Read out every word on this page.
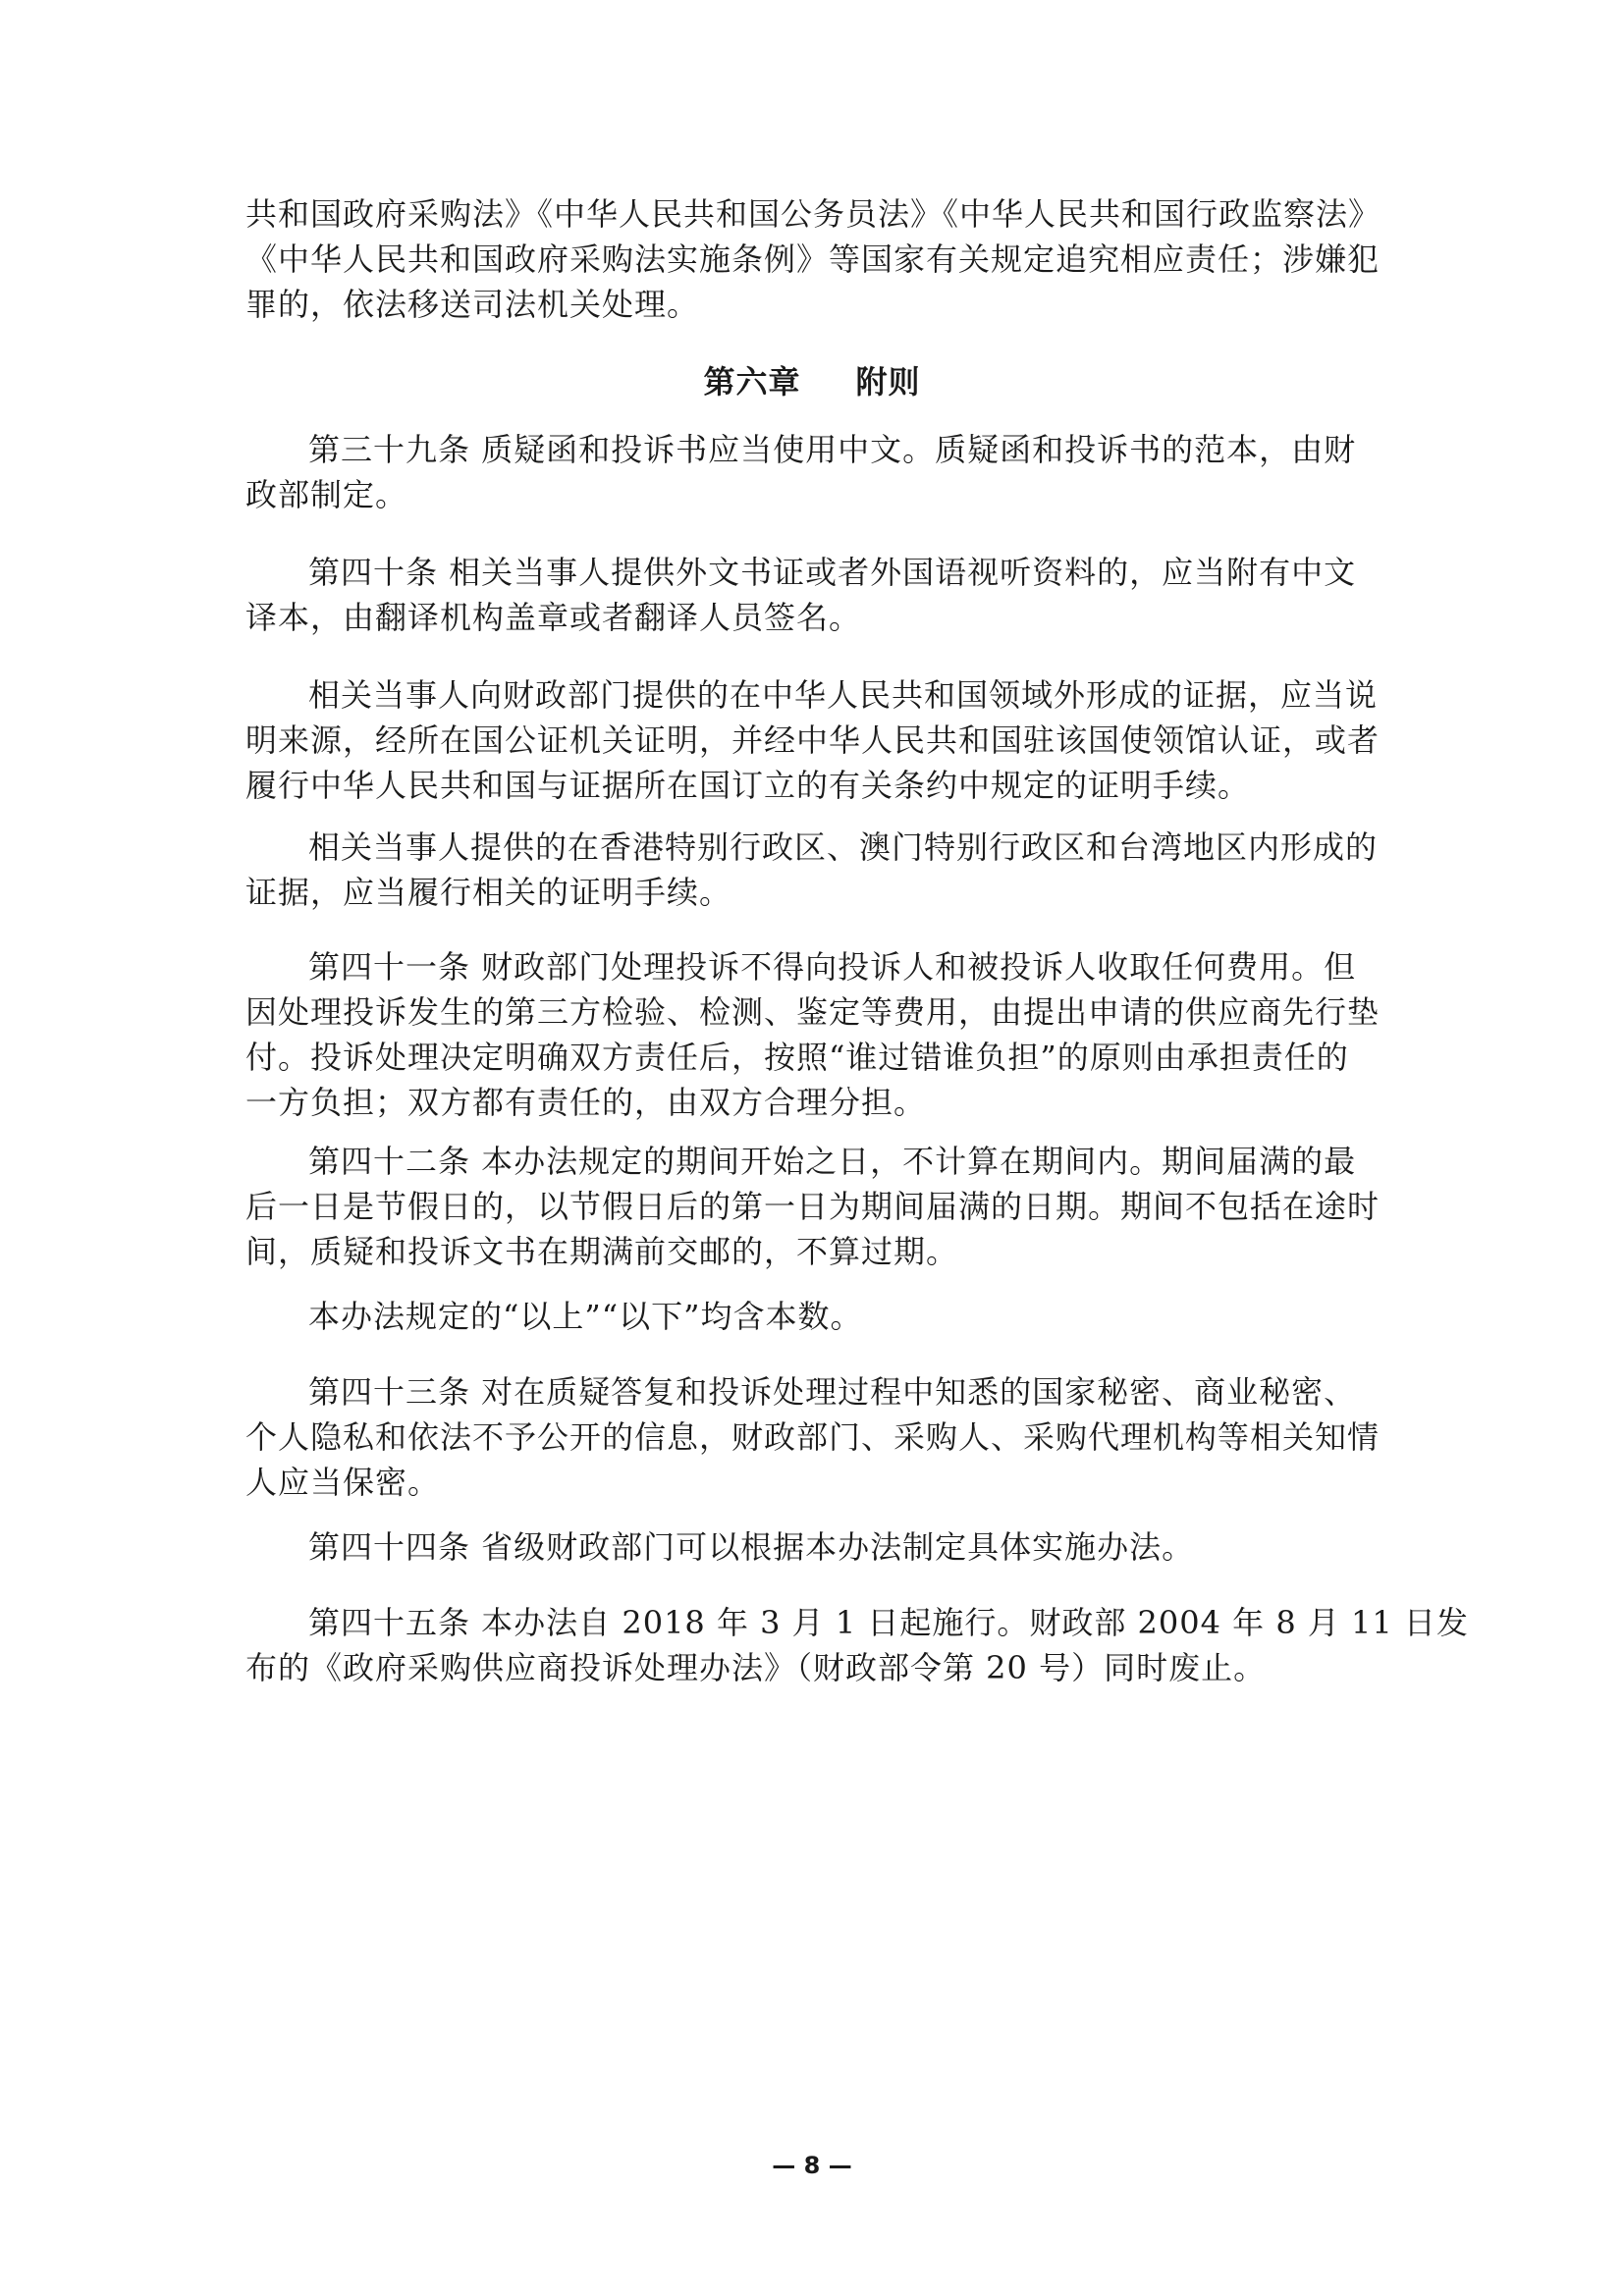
共和国政府采购法》《中华人民共和国公务员法》《中华人民共和国行政监察法》
《中华人民共和国政府采购法实施条例》等国家有关规定追究相应责任；涉嫌犯
罪的，依法移送司法机关处理。

第六章 附则

第三十九条 质疑函和投诉书应当使用中文。质疑函和投诉书的范本，由财
政部制定。

第四十条 相关当事人提供外文书证或者外国语视听资料的，应当附有中文
译本，由翻译机构盖章或者翻译人员签名。

相关当事人向财政部门提供的在中华人民共和国领域外形成的证据，应当说
明来源，经所在国公证机关证明，并经中华人民共和国驻该国使领馆认证，或者
履行中华人民共和国与证据所在国订立的有关条约中规定的证明手续。

相关当事人提供的在香港特别行政区、澳门特别行政区和台湾地区内形成的
证据，应当履行相关的证明手续。

第四十一条 财政部门处理投诉不得向投诉人和被投诉人收取任何费用。但
因处理投诉发生的第三方检验、检测、鉴定等费用，由提出申请的供应商先行垫
付。投诉处理决定明确双方责任后，按照“谁过错谁负担”的原则由承担责任的
一方负担；双方都有责任的，由双方合理分担。

第四十二条 本办法规定的期间开始之日，不计算在期间内。期间届满的最
后一日是节假日的，以节假日后的第一日为期间届满的日期。期间不包括在途时
间，质疑和投诉文书在期满前交邮的，不算过期。

本办法规定的“以上”“以下”均含本数。

第四十三条 对在质疑答复和投诉处理过程中知悉的国家秘密、商业秘密、
个人隐私和依法不予公开的信息，财政部门、采购人、采购代理机构等相关知情
人应当保密。

第四十四条 省级财政部门可以根据本办法制定具体实施办法。

第四十五条 本办法自 2018 年 3 月 1 日起施行。财政部 2004 年 8 月 11 日发
布的《政府采购供应商投诉处理办法》（财政部令第 20 号）同时废止。

— 8 —
